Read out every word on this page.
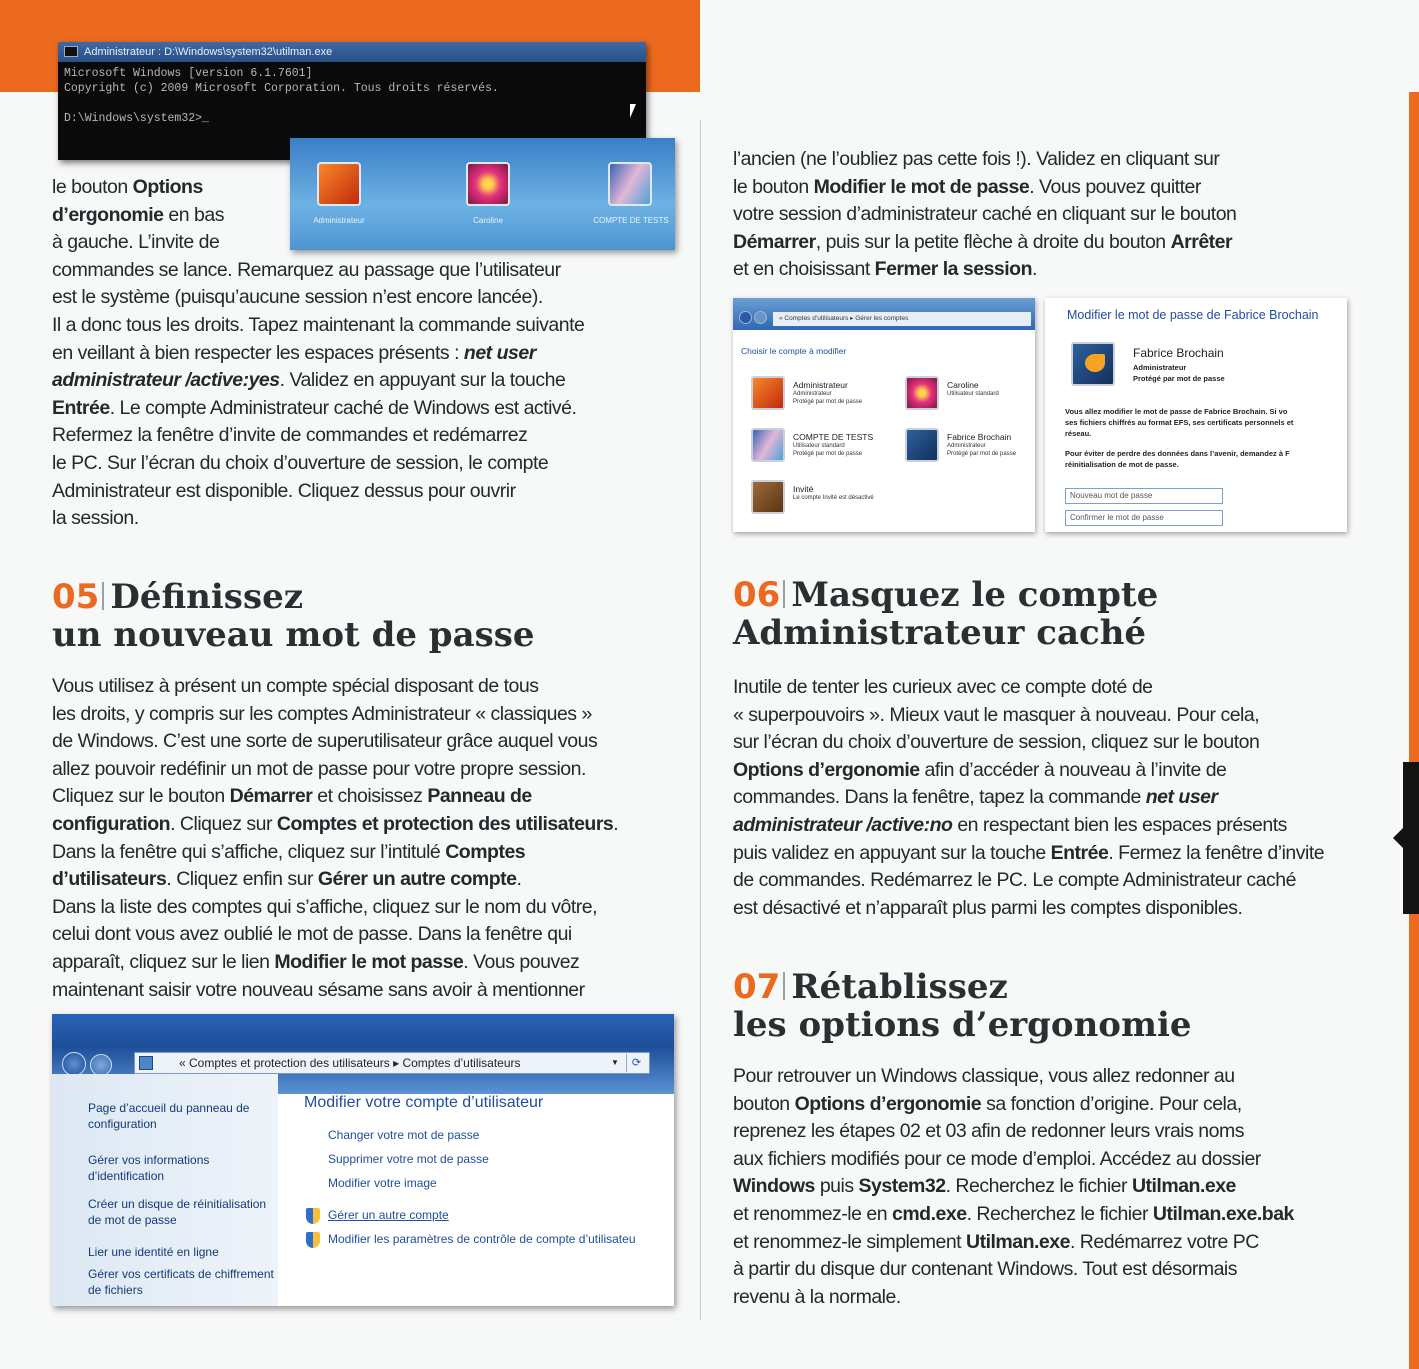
Administrateur : D:\Windows\system32\utilman.exe
Microsoft Windows [version 6.1.7601]
Copyright (c) 2009 Microsoft Corporation. Tous droits réservés.
D:\Windows\system32>_
Administrateur	Caroline	COMPTE DE TESTS
le bouton Options
d’ergonomie en bas
à gauche. L’invite de
commandes se lance. Remarquez au passage que l’utilisateur
est le système (puisqu’aucune session n’est encore lancée).
Il a donc tous les droits. Tapez maintenant la commande suivante
en veillant à bien respecter les espaces présents : net user
administrateur /active:yes. Validez en appuyant sur la touche
Entrée. Le compte Administrateur caché de Windows est activé.
Refermez la fenêtre d’invite de commandes et redémarrez
le PC. Sur l’écran du choix d’ouverture de session, le compte
Administrateur est disponible. Cliquez dessus pour ouvrir
la session.
05 Définissez
un nouveau mot de passe
Vous utilisez à présent un compte spécial disposant de tous
les droits, y compris sur les comptes Administrateur « classiques »
de Windows. C’est une sorte de superutilisateur grâce auquel vous
allez pouvoir redéfinir un mot de passe pour votre propre session.
Cliquez sur le bouton Démarrer et choisissez Panneau de
configuration. Cliquez sur Comptes et protection des utilisateurs.
Dans la fenêtre qui s’affiche, cliquez sur l’intitulé Comptes
d’utilisateurs. Cliquez enfin sur Gérer un autre compte.
Dans la liste des comptes qui s’affiche, cliquez sur le nom du vôtre,
celui dont vous avez oublié le mot de passe. Dans la fenêtre qui
apparaît, cliquez sur le lien Modifier le mot passe. Vous pouvez
maintenant saisir votre nouveau sésame sans avoir à mentionner
l’ancien (ne l’oubliez pas cette fois !). Validez en cliquant sur
le bouton Modifier le mot de passe. Vous pouvez quitter
votre session d’administrateur caché en cliquant sur le bouton
Démarrer, puis sur la petite flèche à droite du bouton Arrêter
et en choisissant Fermer la session.
« Comptes d’utilisateurs ▸ Gérer les comptes
Choisir le compte à modifier
Administrateur
Administrateur
Protégé par mot de passe
Caroline
Utilisateur standard
COMPTE DE TESTS
Utilisateur standard
Protégé par mot de passe
Fabrice Brochain
Administrateur
Protégé par mot de passe
Invité
Le compte Invité est désactivé
Modifier le mot de passe de Fabrice Brochain
Fabrice Brochain
Administrateur
Protégé par mot de passe
Vous allez modifier le mot de passe de Fabrice Brochain. Si vo
ses fichiers chiffrés au format EFS, ses certificats personnels et
réseau.
Pour éviter de perdre des données dans l’avenir, demandez à F
réinitialisation de mot de passe.
Nouveau mot de passe
Confirmer le mot de passe
06 Masquez le compte
Administrateur caché
Inutile de tenter les curieux avec ce compte doté de
« superpouvoirs ». Mieux vaut le masquer à nouveau. Pour cela,
sur l’écran du choix d’ouverture de session, cliquez sur le bouton
Options d’ergonomie afin d’accéder à nouveau à l’invite de
commandes. Dans la fenêtre, tapez la commande net user
administrateur /active:no en respectant bien les espaces présents
puis validez en appuyant sur la touche Entrée. Fermez la fenêtre d’invite
de commandes. Redémarrez le PC. Le compte Administrateur caché
est désactivé et n’apparaît plus parmi les comptes disponibles.
07 Rétablissez
les options d’ergonomie
Pour retrouver un Windows classique, vous allez redonner au
bouton Options d’ergonomie sa fonction d’origine. Pour cela,
reprenez les étapes 02 et 03 afin de redonner leurs vrais noms
aux fichiers modifiés pour ce mode d’emploi. Accédez au dossier
Windows puis System32. Recherchez le fichier Utilman.exe
et renommez-le en cmd.exe. Recherchez le fichier Utilman.exe.bak
et renommez-le simplement Utilman.exe. Redémarrez votre PC
à partir du disque dur contenant Windows. Tout est désormais
revenu à la normale.
« Comptes et protection des utilisateurs ▸ Comptes d’utilisateurs	▼	⟳
Page d’accueil du panneau de configuration
Gérer vos informations d’identification
Créer un disque de réinitialisation de mot de passe
Lier une identité en ligne
Gérer vos certificats de chiffrement de fichiers
Modifier votre compte d’utilisateur
Changer votre mot de passe
Supprimer votre mot de passe
Modifier votre image
Gérer un autre compte
Modifier les paramètres de contrôle de compte d’utilisateu
